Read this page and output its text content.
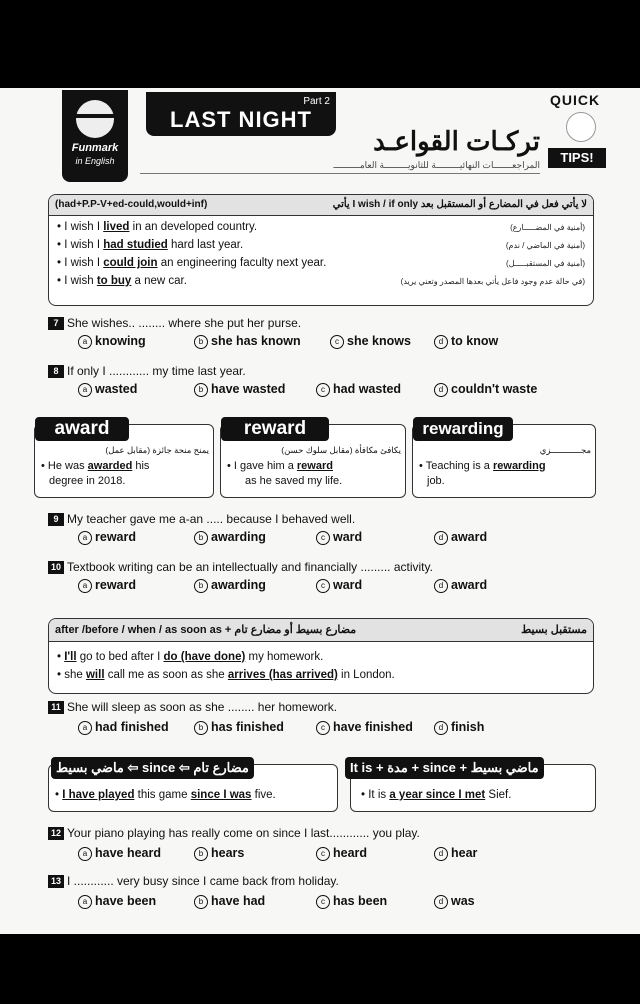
Funmark
in English
Part 2
LAST NIGHT
تركـات القواعـد
المراجعـــــــات النهائيـــــــــة للثانويـــــــــة العامــــــــــ
QUICK
TIPS!
(had+P.P-V+ed-could,would+inf)	لا يأتي فعل في المضارع أو المستقبل بعد I wish / if only يأتي
• I wish I lived in an developed country.	(أمنية في المضـــــارع)
• I wish I had studied hard last year.	(أمنية في الماضي / ندم)
• I wish I could join an engineering faculty next year.	(أمنية في المستقبـــــل)
• I wish to buy a new car.	(في حالة عدم وجود فاعل يأتي بعدها المصدر وتعني يريد)
7 She wishes.. ........ where she put her purse.
a knowing	b she has known	c she knows	d to know
8 If only I ............ my time last year.
a wasted	b have wasted	c had wasted	d couldn't waste
award
يمنح منحة جائزة (مقابل عمل)
• He was awarded his
degree in 2018.
reward
يكافئ مكافأة (مقابل سلوك حسن)
• I gave him a reward
as he saved my life.
rewarding
مجــــــــــــزي
• Teaching is a rewarding
job.
9 My teacher gave me a-an ..... because I behaved well.
a reward	b awarding	c ward	d award
10 Textbook writing can be an intellectually and financially ......... activity.
a reward	b awarding	c ward	d award
after /before / when / as soon as + مضارع بسيط أو مضارع تام	مستقبل بسيط
• I'll go to bed after I do (have done) my homework.
• she will call me as soon as she arrives (has arrived) in London.
11 She will sleep as soon as she ........ her homework.
a had finished	b has finished	c have finished	d finish
ماضي بسيط ⇦ since ⇦ مضارع تام
• I have played this game since I was five.
It is + مدة + since + ماضي بسيط
• It is a year since I met Sief.
12 Your piano playing has really come on since I last............ you play.
a have heard	b hears	c heard	d hear
13 I ............ very busy since I came back from holiday.
a have been	b have had	c has been	d was
